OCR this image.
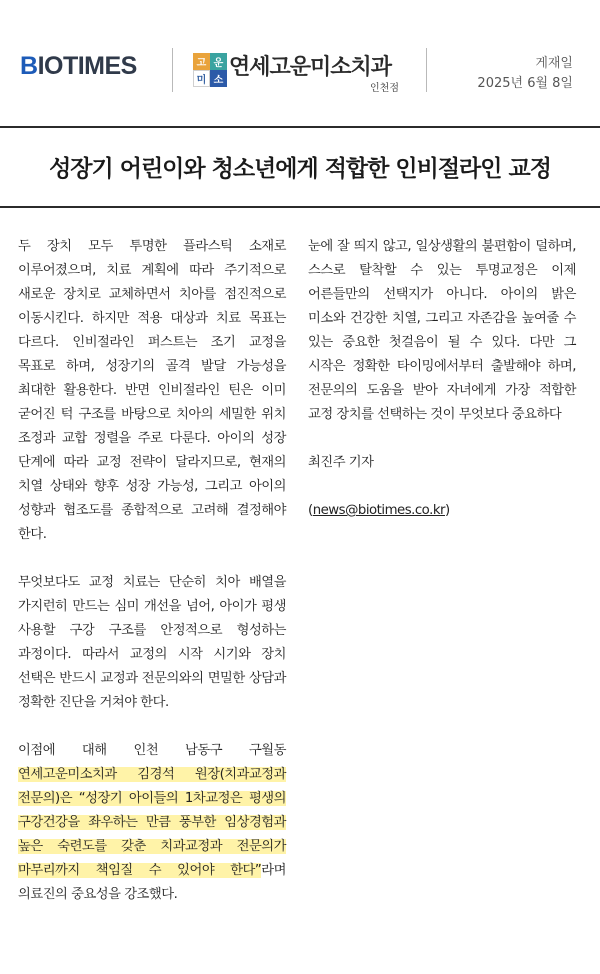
BIOTIMES	고 운
미 소
연세고운미소치과
인천점
게재일
2025년 6월 8일
성장기 어린이와 청소년에게 적합한 인비절라인 교정

두 장치 모두 투명한 플라스틱 소재로 이루어졌으며, 치료 계획에 따라 주기적으로 새로운 장치로 교체하면서 치아를 점진적으로 이동시킨다. 하지만 적용 대상과 치료 목표는 다르다. 인비절라인 퍼스트는 조기 교정을 목표로 하며, 성장기의 골격 발달 가능성을 최대한 활용한다. 반면 인비절라인 틴은 이미 굳어진 턱 구조를 바탕으로 치아의 세밀한 위치 조정과 교합 정렬을 주로 다룬다. 아이의 성장 단계에 따라 교정 전략이 달라지므로, 현재의 치열 상태와 향후 성장 가능성, 그리고 아이의 성향과 협조도를 종합적으로 고려해 결정해야 한다.

무엇보다도 교정 치료는 단순히 치아 배열을 가지런히 만드는 심미 개선을 넘어, 아이가 평생 사용할 구강 구조를 안정적으로 형성하는 과정이다. 따라서 교정의 시작 시기와 장치 선택은 반드시 교정과 전문의와의 면밀한 상담과 정확한 진단을 거쳐야 한다.

이점에 대해 인천 남동구 구월동 연세고운미소치과 김경석 원장(치과교정과 전문의)은 “성장기 아이들의 1차교정은 평생의 구강건강을 좌우하는 만큼 풍부한 임상경험과 높은 숙련도를 갖춘 치과교정과 전문의가 마무리까지 책임질 수 있어야 한다”라며 의료진의 중요성을 강조했다.

눈에 잘 띄지 않고, 일상생활의 불편함이 덜하며, 스스로 탈착할 수 있는 투명교정은 이제 어른들만의 선택지가 아니다. 아이의 밝은 미소와 건강한 치열, 그리고 자존감을 높여줄 수 있는 중요한 첫걸음이 될 수 있다. 다만 그 시작은 정확한 타이밍에서부터 출발해야 하며, 전문의의 도움을 받아 자녀에게 가장 적합한 교정 장치를 선택하는 것이 무엇보다 중요하다

최진주 기자

(news@biotimes.co.kr)
